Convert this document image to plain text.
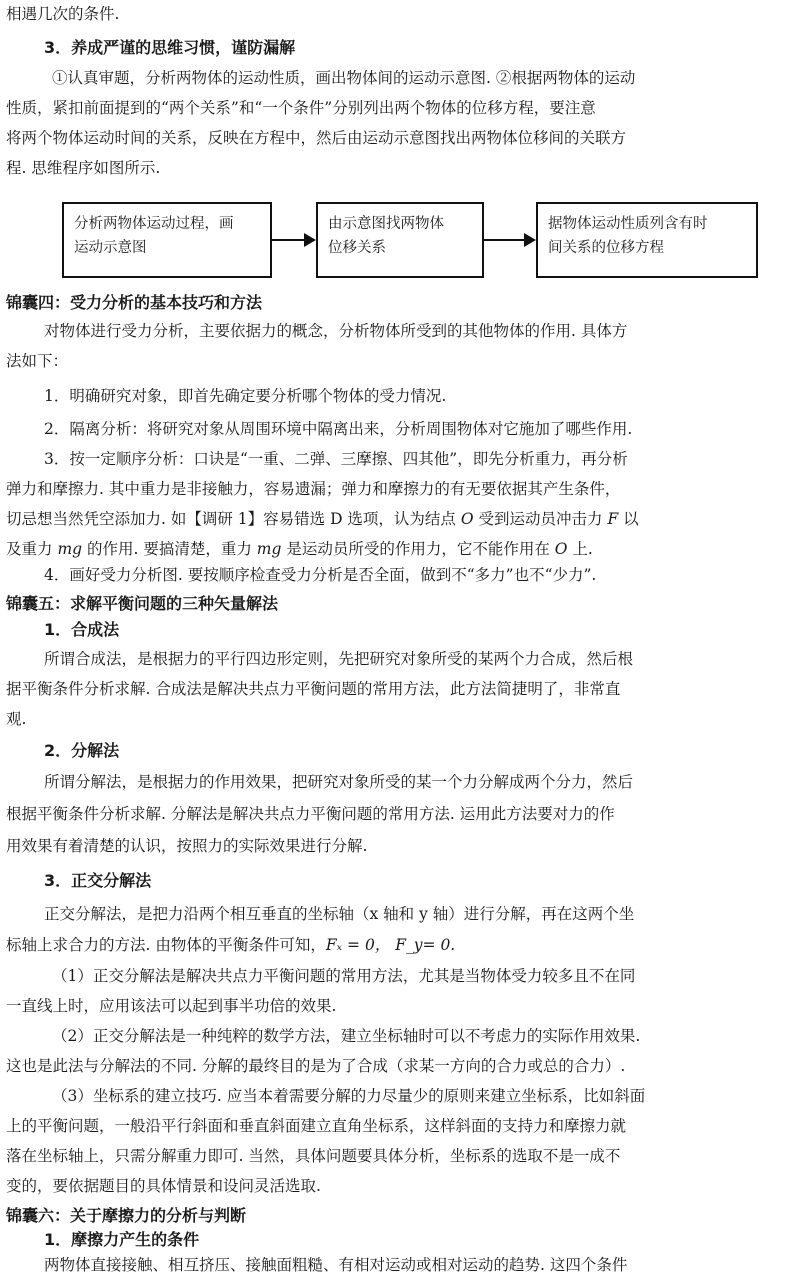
相遇几次的条件.
3．养成严谨的思维习惯，谨防漏解
①认真审题，分析两物体的运动性质，画出物体间的运动示意图. ②根据两物体的运动
性质，紧扣前面提到的“两个关系”和“一个条件”分别列出两个物体的位移方程，要注意
将两个物体运动时间的关系，反映在方程中，然后由运动示意图找出两物体位移间的关联方
程. 思维程序如图所示.
分析两物体运动过程，画
运动示意图
由示意图找两物体
位移关系
据物体运动性质列含有时
间关系的位移方程
锦囊四：受力分析的基本技巧和方法
对物体进行受力分析，主要依据力的概念，分析物体所受到的其他物体的作用. 具体方
法如下：
1．明确研究对象，即首先确定要分析哪个物体的受力情况.
2．隔离分析：将研究对象从周围环境中隔离出来，分析周围物体对它施加了哪些作用.
3．按一定顺序分析：口诀是“一重、二弹、三摩擦、四其他”，即先分析重力，再分析
弹力和摩擦力. 其中重力是非接触力，容易遗漏；弹力和摩擦力的有无要依据其产生条件，
切忌想当然凭空添加力. 如【调研 1】容易错选 D 选项，认为结点 O 受到运动员冲击力 F 以
及重力 mg 的作用. 要搞清楚，重力 mg 是运动员所受的作用力，它不能作用在 O 上.
4．画好受力分析图. 要按顺序检查受力分析是否全面，做到不“多力”也不“少力”.
锦囊五：求解平衡问题的三种矢量解法
1．合成法
所谓合成法，是根据力的平行四边形定则，先把研究对象所受的某两个力合成，然后根
据平衡条件分析求解. 合成法是解决共点力平衡问题的常用方法，此方法简捷明了，非常直
观.
2．分解法
所谓分解法，是根据力的作用效果，把研究对象所受的某一个力分解成两个分力，然后
根据平衡条件分析求解. 分解法是解决共点力平衡问题的常用方法. 运用此方法要对力的作
用效果有着清楚的认识，按照力的实际效果进行分解.
3．正交分解法
正交分解法，是把力沿两个相互垂直的坐标轴（x 轴和 y 轴）进行分解，再在这两个坐
标轴上求合力的方法. 由物体的平衡条件可知，Fₓ = 0， F_y= 0.
（1）正交分解法是解决共点力平衡问题的常用方法，尤其是当物体受力较多且不在同
一直线上时，应用该法可以起到事半功倍的效果.
（2）正交分解法是一种纯粹的数学方法，建立坐标轴时可以不考虑力的实际作用效果.
这也是此法与分解法的不同. 分解的最终目的是为了合成（求某一方向的合力或总的合力）.
（3）坐标系的建立技巧. 应当本着需要分解的力尽量少的原则来建立坐标系，比如斜面
上的平衡问题，一般沿平行斜面和垂直斜面建立直角坐标系，这样斜面的支持力和摩擦力就
落在坐标轴上，只需分解重力即可. 当然，具体问题要具体分析，坐标系的选取不是一成不
变的，要依据题目的具体情景和设问灵活选取.
锦囊六：关于摩擦力的分析与判断
1．摩擦力产生的条件
两物体直接接触、相互挤压、接触面粗糙、有相对运动或相对运动的趋势. 这四个条件
